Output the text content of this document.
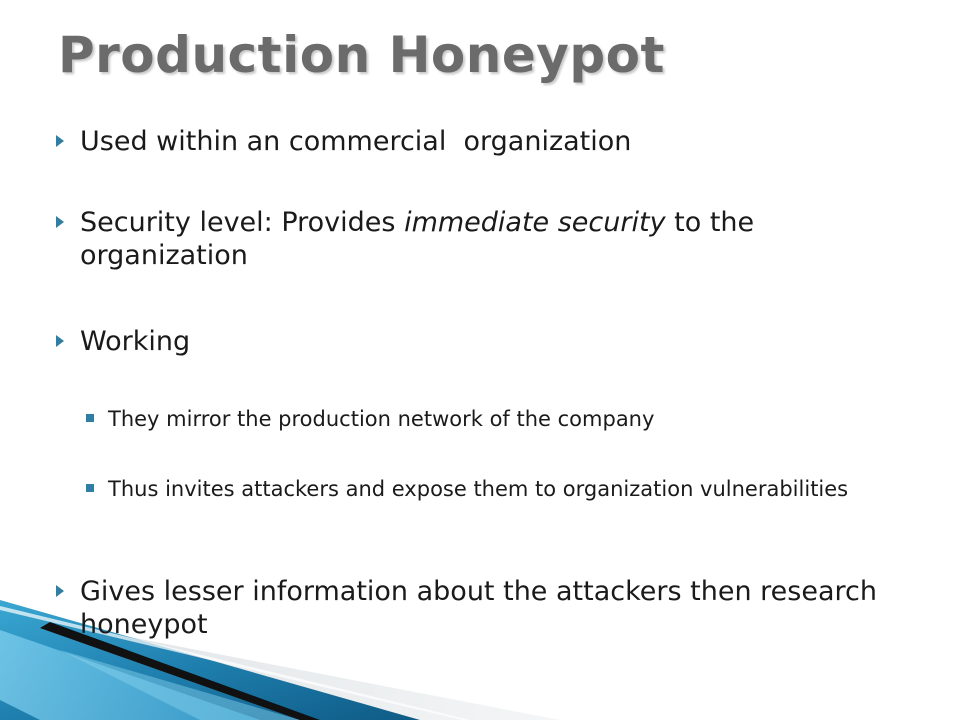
Production Honeypot

Used within an commercial  organization

Security level: Provides immediate security to the organization

Working

They mirror the production network of the company

Thus invites attackers and expose them to organization vulnerabilities

Gives lesser information about the attackers then research honeypot
